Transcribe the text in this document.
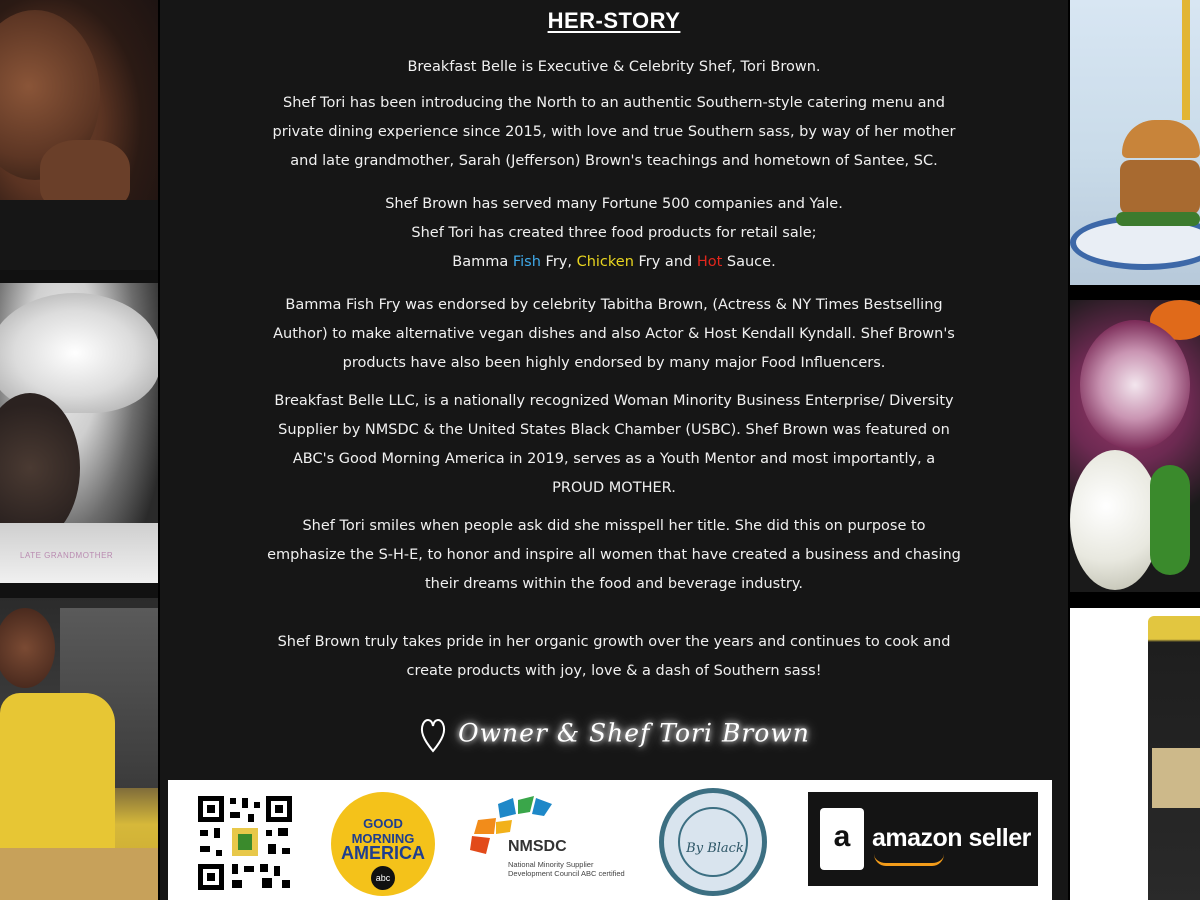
LATE GRANDMOTHER
HER-STORY
Breakfast Belle is Executive & Celebrity Shef, Tori Brown.
Shef Tori has been introducing the North to an authentic Southern-style catering menu and
private dining experience since 2015, with love and true Southern sass, by way of her mother
and late grandmother, Sarah (Jefferson) Brown's teachings and hometown of Santee, SC.
Shef Brown has served many Fortune 500 companies and Yale.
Shef Tori has created three food products for retail sale;
Bamma Fish Fry, Chicken Fry and Hot Sauce.
Bamma Fish Fry was endorsed by celebrity Tabitha Brown, (Actress & NY Times Bestselling
Author) to make alternative vegan dishes and also Actor & Host Kendall Kyndall. Shef Brown's
products have also been highly endorsed by many major Food Influencers.
Breakfast Belle LLC, is a nationally recognized Woman Minority Business Enterprise/ Diversity
Supplier by NMSDC & the United States Black Chamber (USBC). Shef Brown was featured on
ABC's Good Morning America in 2019, serves as a Youth Mentor and most importantly, a
PROUD MOTHER.
Shef Tori smiles when people ask did she misspell her title. She did this on purpose to
emphasize the S-H-E, to honor and inspire all women that have created a business and chasing
their dreams within the food and beverage industry.
Shef Brown truly takes pride in her organic growth over the years and continues to cook and
create products with joy, love & a dash of Southern sass!
Owner & Shef Tori Brown
GOOD
MORNING
AMERICA
abc
NMSDC
National Minority Supplier Development Council ABC certified
By Black	a amazon seller
